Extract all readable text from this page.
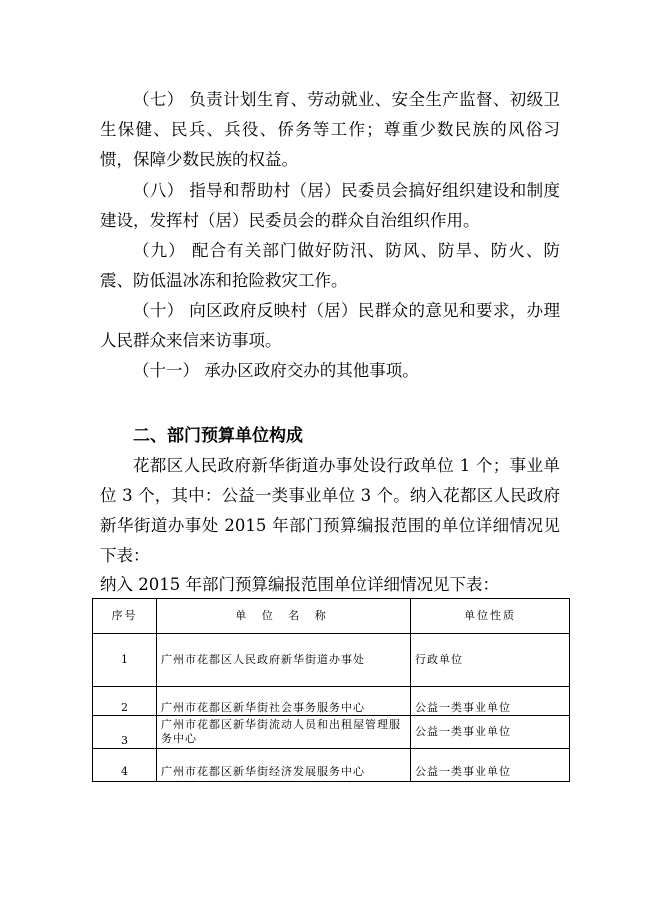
（七） 负责计划生育、劳动就业、安全生产监督、初级卫生保健、民兵、兵役、侨务等工作；尊重少数民族的风俗习惯，保障少数民族的权益。

（八） 指导和帮助村（居）民委员会搞好组织建设和制度建设，发挥村（居）民委员会的群众自治组织作用。

（九） 配合有关部门做好防汛、防风、防旱、防火、防震、防低温冰冻和抢险救灾工作。

（十） 向区政府反映村（居）民群众的意见和要求，办理人民群众来信来访事项。

（十一） 承办区政府交办的其他事项。

二、部门预算单位构成

花都区人民政府新华街道办事处设行政单位 1 个；事业单位 3 个，其中：公益一类事业单位 3 个。纳入花都区人民政府新华街道办事处 2015 年部门预算编报范围的单位详细情况见下表：

纳入 2015 年部门预算编报范围单位详细情况见下表：

序号	单 位 名 称	单位性质
1	广州市花都区人民政府新华街道办事处	行政单位
2	广州市花都区新华街社会事务服务中心	公益一类事业单位
3	广州市花都区新华街流动人员和出租屋管理服务中心	公益一类事业单位
4	广州市花都区新华街经济发展服务中心	公益一类事业单位
